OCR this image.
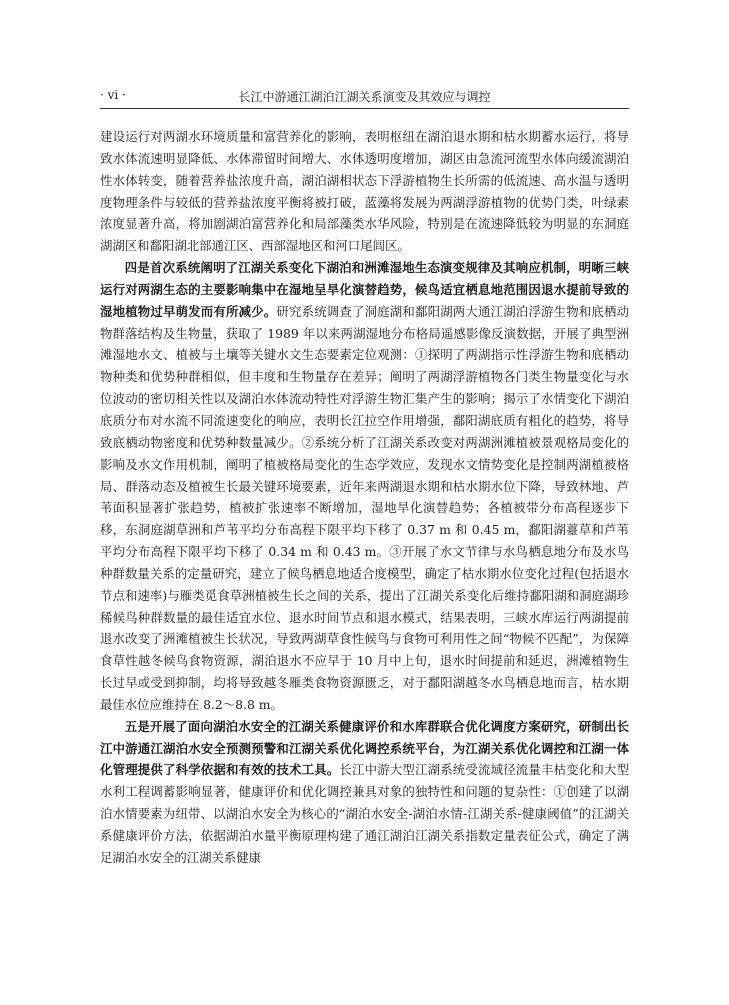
· vi ·	长江中游通江湖泊江湖关系演变及其效应与调控

建设运行对两湖水环境质量和富营养化的影响，表明枢纽在湖泊退水期和枯水期蓄水运行，将导致水体流速明显降低、水体滞留时间增大、水体透明度增加，湖区由急流河流型水体向缓流湖泊性水体转变，随着营养盐浓度升高，湖泊湖相状态下浮游植物生长所需的低流速、高水温与透明度物理条件与较低的营养盐浓度平衡将被打破，蓝藻将发展为两湖浮游植物的优势门类，叶绿素浓度显著升高，将加剧湖泊富营养化和局部藻类水华风险，特别是在流速降低较为明显的东洞庭湖湖区和鄱阳湖北部通江区、西部湿地区和河口尾闾区。

四是首次系统阐明了江湖关系变化下湖泊和洲滩湿地生态演变规律及其响应机制，明晰三峡运行对两湖生态的主要影响集中在湿地呈旱化演替趋势，候鸟适宜栖息地范围因退水提前导致的湿地植物过早萌发而有所减少。研究系统调查了洞庭湖和鄱阳湖两大通江湖泊浮游生物和底栖动物群落结构及生物量，获取了 1989 年以来两湖湿地分布格局遥感影像反演数据，开展了典型洲滩湿地水文、植被与土壤等关键水文生态要素定位观测：①探明了两湖指示性浮游生物和底栖动物种类和优势种群相似，但丰度和生物量存在差异；阐明了两湖浮游植物各门类生物量变化与水位波动的密切相关性以及湖泊水体流动特性对浮游生物汇集产生的影响；揭示了水情变化下湖泊底质分布对水流不同流速变化的响应，表明长江拉空作用增强，鄱阳湖底质有粗化的趋势，将导致底栖动物密度和优势种数量减少。②系统分析了江湖关系改变对两湖洲滩植被景观格局变化的影响及水文作用机制，阐明了植被格局变化的生态学效应，发现水文情势变化是控制两湖植被格局、群落动态及植被生长最关键环境要素，近年来两湖退水期和枯水期水位下降，导致林地、芦苇面积显著扩张趋势，植被扩张速率不断增加，湿地旱化演替趋势；各植被带分布高程逐步下移，东洞庭湖草洲和芦苇平均分布高程下限平均下移了 0.37 m 和 0.45 m，鄱阳湖薹草和芦苇平均分布高程下限平均下移了 0.34 m 和 0.43 m。③开展了水文节律与水鸟栖息地分布及水鸟种群数量关系的定量研究，建立了候鸟栖息地适合度模型，确定了枯水期水位变化过程(包括退水节点和速率)与雁类觅食草洲植被生长之间的关系，提出了江湖关系变化后维持鄱阳湖和洞庭湖珍稀候鸟种群数量的最佳适宜水位、退水时间节点和退水模式，结果表明，三峡水库运行两湖提前退水改变了洲滩植被生长状况，导致两湖草食性候鸟与食物可利用性之间“物候不匹配”，为保障食草性越冬候鸟食物资源，湖泊退水不应早于 10 月中上旬，退水时间提前和延迟，洲滩植物生长过早或受到抑制，均将导致越冬雁类食物资源匮乏，对于鄱阳湖越冬水鸟栖息地而言，枯水期最佳水位应维持在 8.2～8.8 m。

五是开展了面向湖泊水安全的江湖关系健康评价和水库群联合优化调度方案研究，研制出长江中游通江湖泊水安全预测预警和江湖关系优化调控系统平台，为江湖关系优化调控和江湖一体化管理提供了科学依据和有效的技术工具。长江中游大型江湖系统受流域径流量丰枯变化和大型水利工程调蓄影响显著，健康评价和优化调控兼具对象的独特性和问题的复杂性：①创建了以湖泊水情要素为纽带、以湖泊水安全为核心的“湖泊水安全-湖泊水情-江湖关系-健康阈值”的江湖关系健康评价方法，依据湖泊水量平衡原理构建了通江湖泊江湖关系指数定量表征公式，确定了满足湖泊水安全的江湖关系健康
